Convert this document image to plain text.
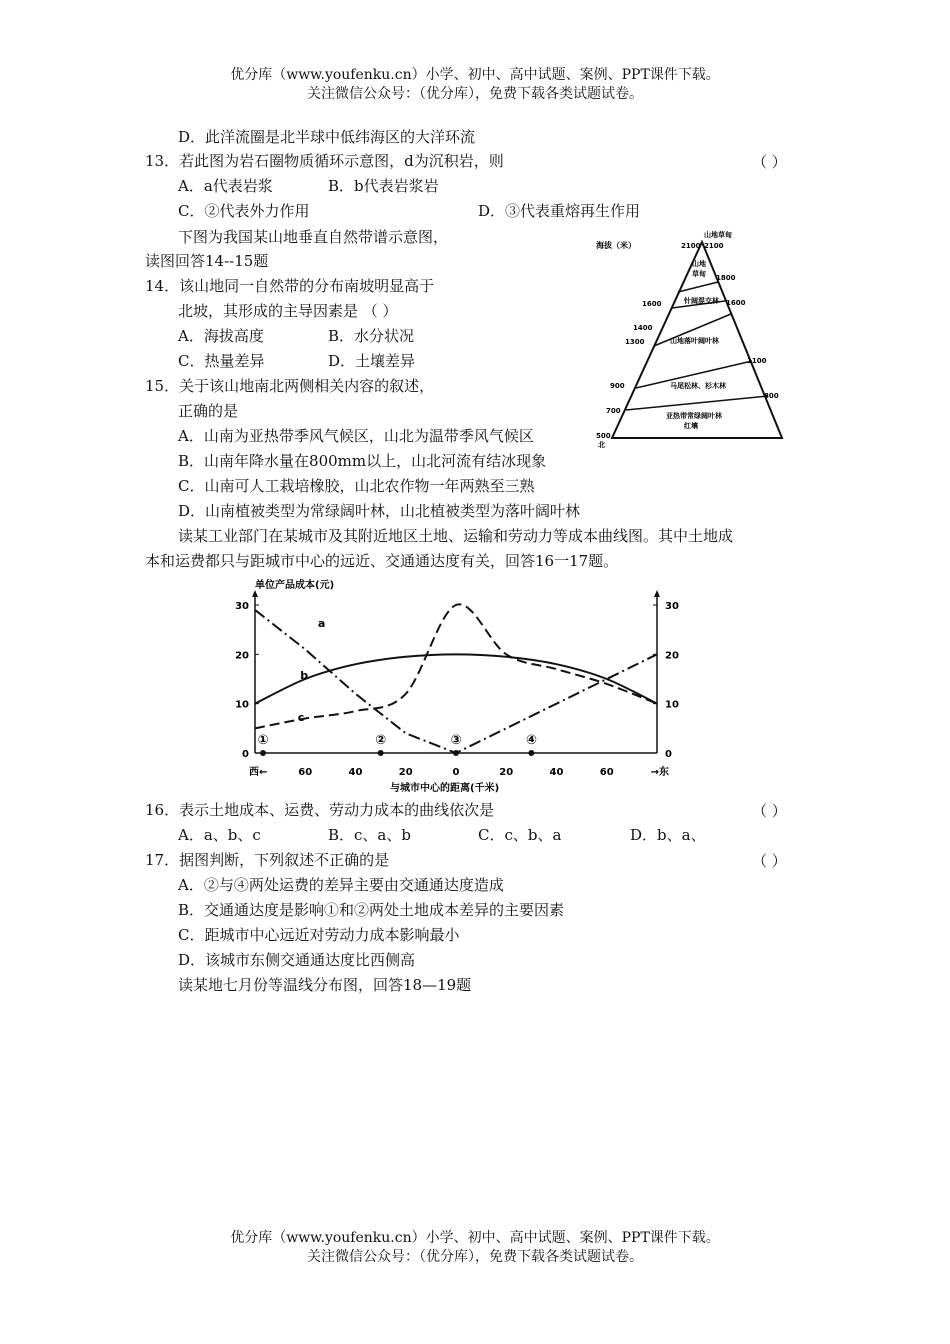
优分库（www.youfenku.cn）小学、初中、高中试题、案例、PPT课件下载。
关注微信公众号：（优分库），免费下载各类试题试卷。
D．此洋流圈是北半球中低纬海区的大洋环流
13．若此图为岩石圈物质循环示意图，d为沉积岩，则	（ ）
A．a代表岩浆	B．b代表岩浆岩
C．②代表外力作用	D．③代表重熔再生作用
下图为我国某山地垂直自然带谱示意图，
读图回答14--15题
14．该山地同一自然带的分布南坡明显高于
北坡，其形成的主导因素是 （ ）
A．海拔高度	B．水分状况
C．热量差异	D．土壤差异
15．关于该山地南北两侧相关内容的叙述，
正确的是
A．山南为亚热带季风气候区，山北为温带季风气候区
B．山南年降水量在800mm以上，山北河流有结冰现象
C．山南可人工栽培橡胶，山北农作物一年两熟至三熟
D．山南植被类型为常绿阔叶林，山北植被类型为落叶阔叶林
海拔（米）
山地草甸
2100 2100
山地
草甸
针阔混交林
山地落叶阔叶林
马尾松林、杉木林
亚热带常绿阔叶林
红壤
1600
1400
1300
900
700
500
北
1800
1600
1100
800
读某工业部门在某城市及其附近地区土地、运输和劳动力等成本曲线图。其中土地成
本和运费都只与距城市中心的远近、交通通达度有关，回答16一17题。
单位产品成本(元)
0	0
10	10
20	20
30	30
西←	60	40	20	0	20	40	60	→东
a
b
c
①	②	③	④
与城市中心的距离(千米)
16．表示土地成本、运费、劳动力成本的曲线依次是	（ ）
A．a、b、c	B．c、a、b	C．c、b、a	D．b、a、
17．据图判断，下列叙述不正确的是	（ ）
A．②与④两处运费的差异主要由交通通达度造成
B．交通通达度是影响①和②两处土地成本差异的主要因素
C．距城市中心远近对劳动力成本影响最小
D．该城市东侧交通通达度比西侧高
读某地七月份等温线分布图，回答18—19题
优分库（www.youfenku.cn）小学、初中、高中试题、案例、PPT课件下载。
关注微信公众号：（优分库），免费下载各类试题试卷。
